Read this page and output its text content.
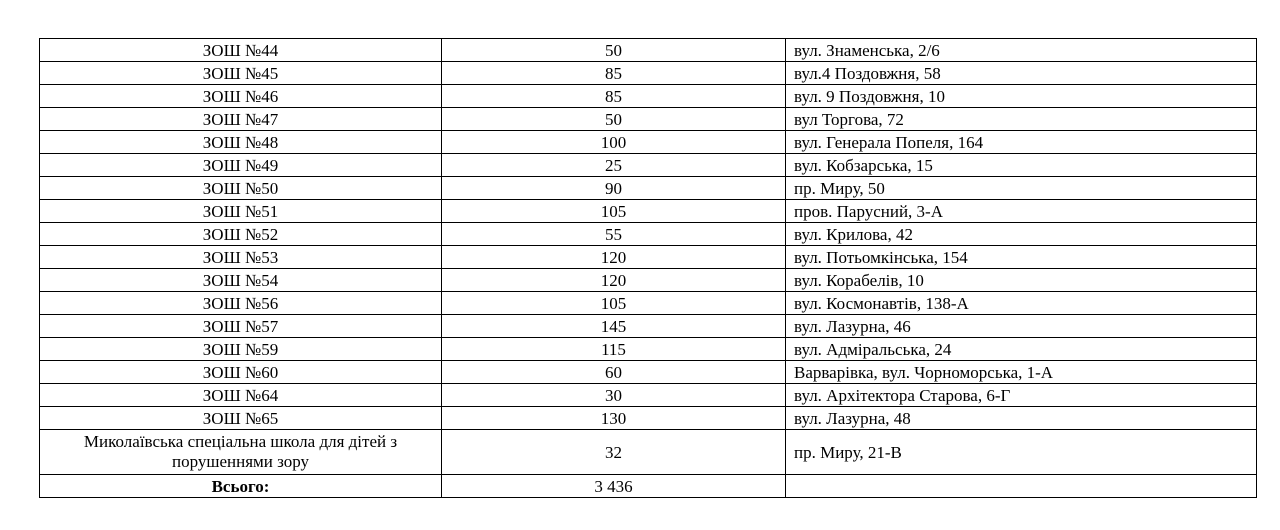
ЗОШ №44	50	вул. Знаменська, 2/6
ЗОШ №45	85	вул.4 Поздовжня, 58
ЗОШ №46	85	вул. 9 Поздовжня, 10
ЗОШ №47	50	вул Торгова, 72
ЗОШ №48	100	вул. Генерала Попеля, 164
ЗОШ №49	25	вул. Кобзарська, 15
ЗОШ №50	90	пр. Миру, 50
ЗОШ №51	105	пров. Парусний, 3-А
ЗОШ №52	55	вул. Крилова, 42
ЗОШ №53	120	вул. Потьомкінська, 154
ЗОШ №54	120	вул. Корабелів, 10
ЗОШ №56	105	вул. Космонавтів, 138-А
ЗОШ №57	145	вул. Лазурна, 46
ЗОШ №59	115	вул. Адміральська, 24
ЗОШ №60	60	Варварівка, вул. Чорноморська, 1-А
ЗОШ №64	30	вул. Архітектора Старова, 6-Г
ЗОШ №65	130	вул. Лазурна, 48
Миколаївська спеціальна школа для дітей з порушеннями зору	32	пр. Миру, 21-В
Всього:	3 436	
